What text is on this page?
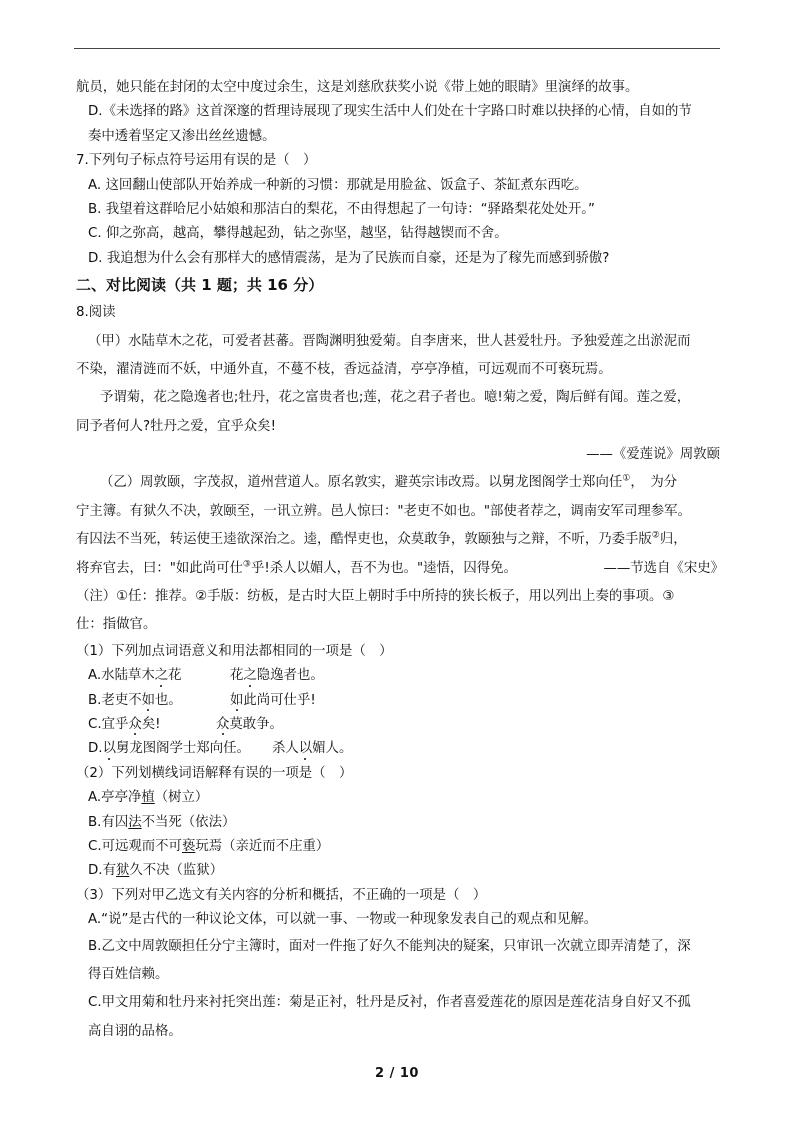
航员，她只能在封闭的太空中度过余生，这是刘慈欣获奖小说《带上她的眼睛》里演绎的故事。
D.《未选择的路》这首深邃的哲理诗展现了现实生活中人们处在十字路口时难以抉择的心情，自如的节
奏中透着坚定又渗出丝丝遗憾。
7.下列句子标点符号运用有误的是（　）
A. 这回翻山使部队开始养成一种新的习惯：那就是用脸盆、饭盒子、茶缸煮东西吃。
B. 我望着这群哈尼小姑娘和那洁白的梨花，不由得想起了一句诗：“驿路梨花处处开。”
C. 仰之弥高，越高，攀得越起劲，钻之弥坚，越坚，钻得越锲而不舍。
D. 我追想为什么会有那样大的感情震荡，是为了民族而自豪，还是为了稼先而感到骄傲?
二、对比阅读（共 1 题；共 16 分）
8.阅读
（甲）水陆草木之花，可爱者甚蕃。晋陶渊明独爱菊。自李唐来，世人甚爱牡丹。予独爱莲之出淤泥而
不染，濯清涟而不妖，中通外直，不蔓不枝，香远益清，亭亭净植，可远观而不可亵玩焉。
予谓菊，花之隐逸者也;牡丹，花之富贵者也;莲，花之君子者也。噫!菊之爱，陶后鲜有闻。莲之爱，
同予者何人?牡丹之爱，宜乎众矣!
——《爱莲说》周敦颐
（乙）周敦颐，字茂叔，道州营道人。原名敦实，避英宗讳改焉。以舅龙图阁学士郑向任①，　为分
宁主簿。有狱久不决，敦颐至，一讯立辨。邑人惊曰："老吏不如也。"部使者荐之，调南安军司理参军。
有囚法不当死，转运使王逵欲深治之。逵，酷悍吏也，众莫敢争，敦颐独与之辩，不听，乃委手版②归，
将弃官去，曰："如此尚可仕③乎!杀人以媚人，吾不为也。"逵悟，囚得免。	——节选自《宋史》
（注）①任：推荐。②手版：纺板，是古时大臣上朝时手中所持的狭长板子，用以列出上奏的事项。③
仕：指做官。
（1）下列加点词语意义和用法都相同的一项是（　）
A.水陆草木之花	花之隐逸者也。
B.老吏不如也。	如此尚可仕乎!
C.宜乎众矣!	众莫敢争。
D.以舅龙图阁学士郑向任。 杀人以媚人。
（2）下列划横线词语解释有误的一项是（　）
A.亭亭净植（树立）
B.有囚法不当死（依法）
C.可远观而不可亵玩焉（亲近而不庄重）
D.有狱久不决（监狱）
（3）下列对甲乙选文有关内容的分析和概括，不正确的一项是（　）
A.“说”是古代的一种议论文体，可以就一事、一物或一种现象发表自己的观点和见解。
B.乙文中周敦颐担任分宁主簿时，面对一件拖了好久不能判决的疑案，只审讯一次就立即弄清楚了，深
得百姓信赖。
C.甲文用菊和牡丹来衬托突出莲：菊是正衬，牡丹是反衬，作者喜爱莲花的原因是莲花洁身自好又不孤
高自诩的品格。
2 / 10
